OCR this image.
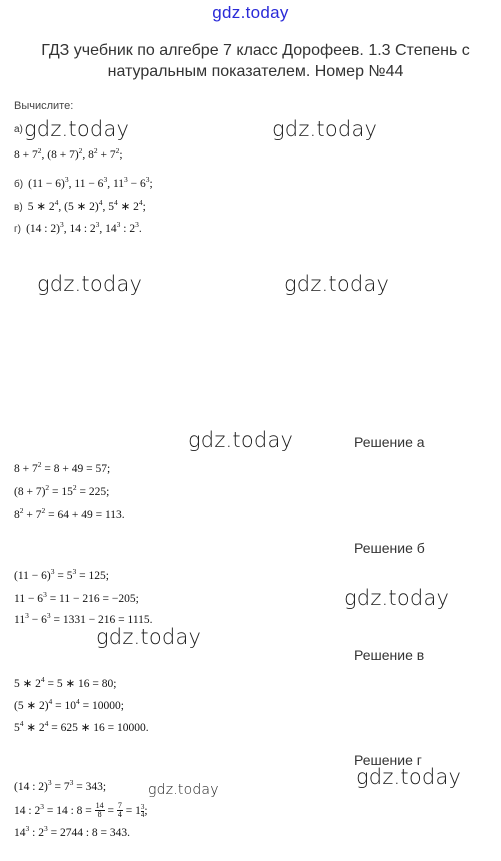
gdz.today
ГДЗ учебник по алгебре 7 класс Дорофеев. 1.3 Степень с натуральным показателем. Номер №44
Вычислите:
а)
$8 + 7^2$, $(8 + 7)^2$, $8^2 + 7^2$;
б) $(11 - 6)^3$, $11 - 6^3$, $11^3 - 6^3$;
в) 5 ∗ $2^4$, (5 ∗ 2)$^4$, $5^4$ ∗ $2^4$;
г) (14 : 2)$^3$, 14 : $2^3$, $14^3$ : $2^3$.
gdz.today	gdz.today
gdz.today	gdz.today
gdz.today
gdz.today
gdz.today
gdz.today
gdz.today
Решение а
$8 + 7^2 = 8 + 49 = 57$;
$(8 + 7)^2 = 15^2 = 225$;
$8^2 + 7^2 = 64 + 49 = 113$.
Решение б
$(11 - 6)^3 = 5^3 = 125$;
$11 - 6^3 = 11 - 216 = -205$;
$11^3 - 6^3 = 1331 - 216 = 1115$.
Решение в
5 ∗ $2^4 = 5$ ∗ 16 = 80;
(5 ∗ $2)^4 = 10^4 = 10000$;
$5^4$ ∗ $2^4 = 625$ ∗ 16 = 10000.
Решение г
(14 : $2)^3 = 7^3 = 343$;
14 : $2^3 = 14$ : $8 = \frac{14}{8} = \frac{7}{4} = 1 \frac{3}{4}$ ;
$14^3$ : $2^3 = 2744$ : 8 = 343.
